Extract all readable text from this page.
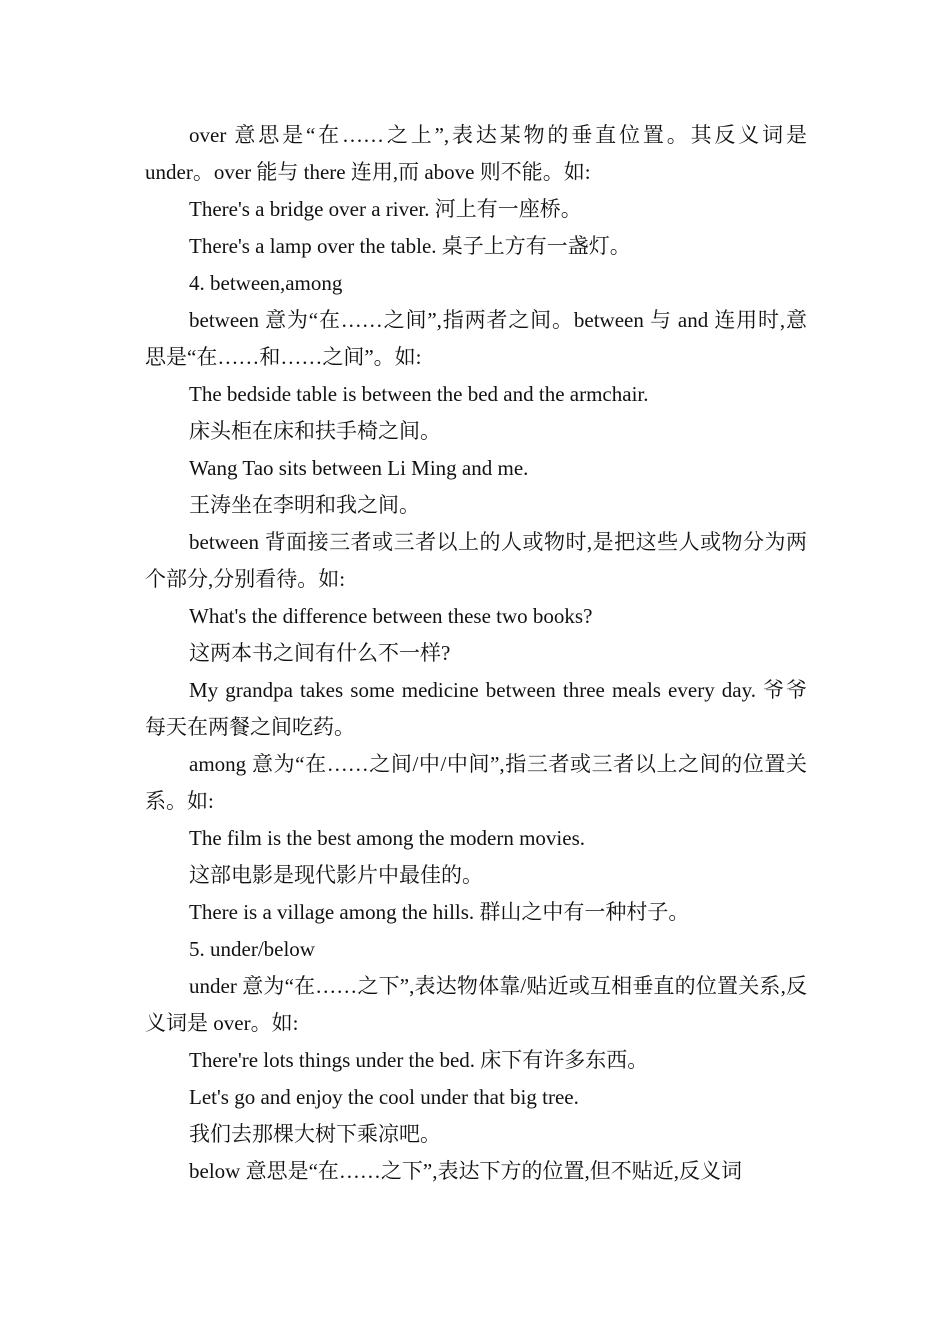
over 意思是“在……之上”,表达某物的垂直位置。其反义词是 under。over 能与 there 连用,而 above 则不能。如:

There's a bridge over a river. 河上有一座桥。

There's a lamp over the table. 桌子上方有一盏灯。

4. between,among

between 意为“在……之间”,指两者之间。between 与 and 连用时,意思是“在……和……之间”。如:

The bedside table is between the bed and the armchair.

床头柜在床和扶手椅之间。

Wang Tao sits between Li Ming and me.

王涛坐在李明和我之间。

between 背面接三者或三者以上的人或物时,是把这些人或物分为两个部分,分别看待。如:

What's the difference between these two books?

这两本书之间有什么不一样?

My grandpa takes some medicine between three meals every day. 爷爷每天在两餐之间吃药。

among 意为“在……之间/中/中间”,指三者或三者以上之间的位置关系。如:

The film is the best among the modern movies.

这部电影是现代影片中最佳的。

There is a village among the hills. 群山之中有一种村子。

5. under/below

under 意为“在……之下”,表达物体靠/贴近或互相垂直的位置关系,反义词是 over。如:

There're lots things under the bed. 床下有许多东西。

Let's go and enjoy the cool under that big tree.

我们去那棵大树下乘凉吧。

below 意思是“在……之下”,表达下方的位置,但不贴近,反义词
